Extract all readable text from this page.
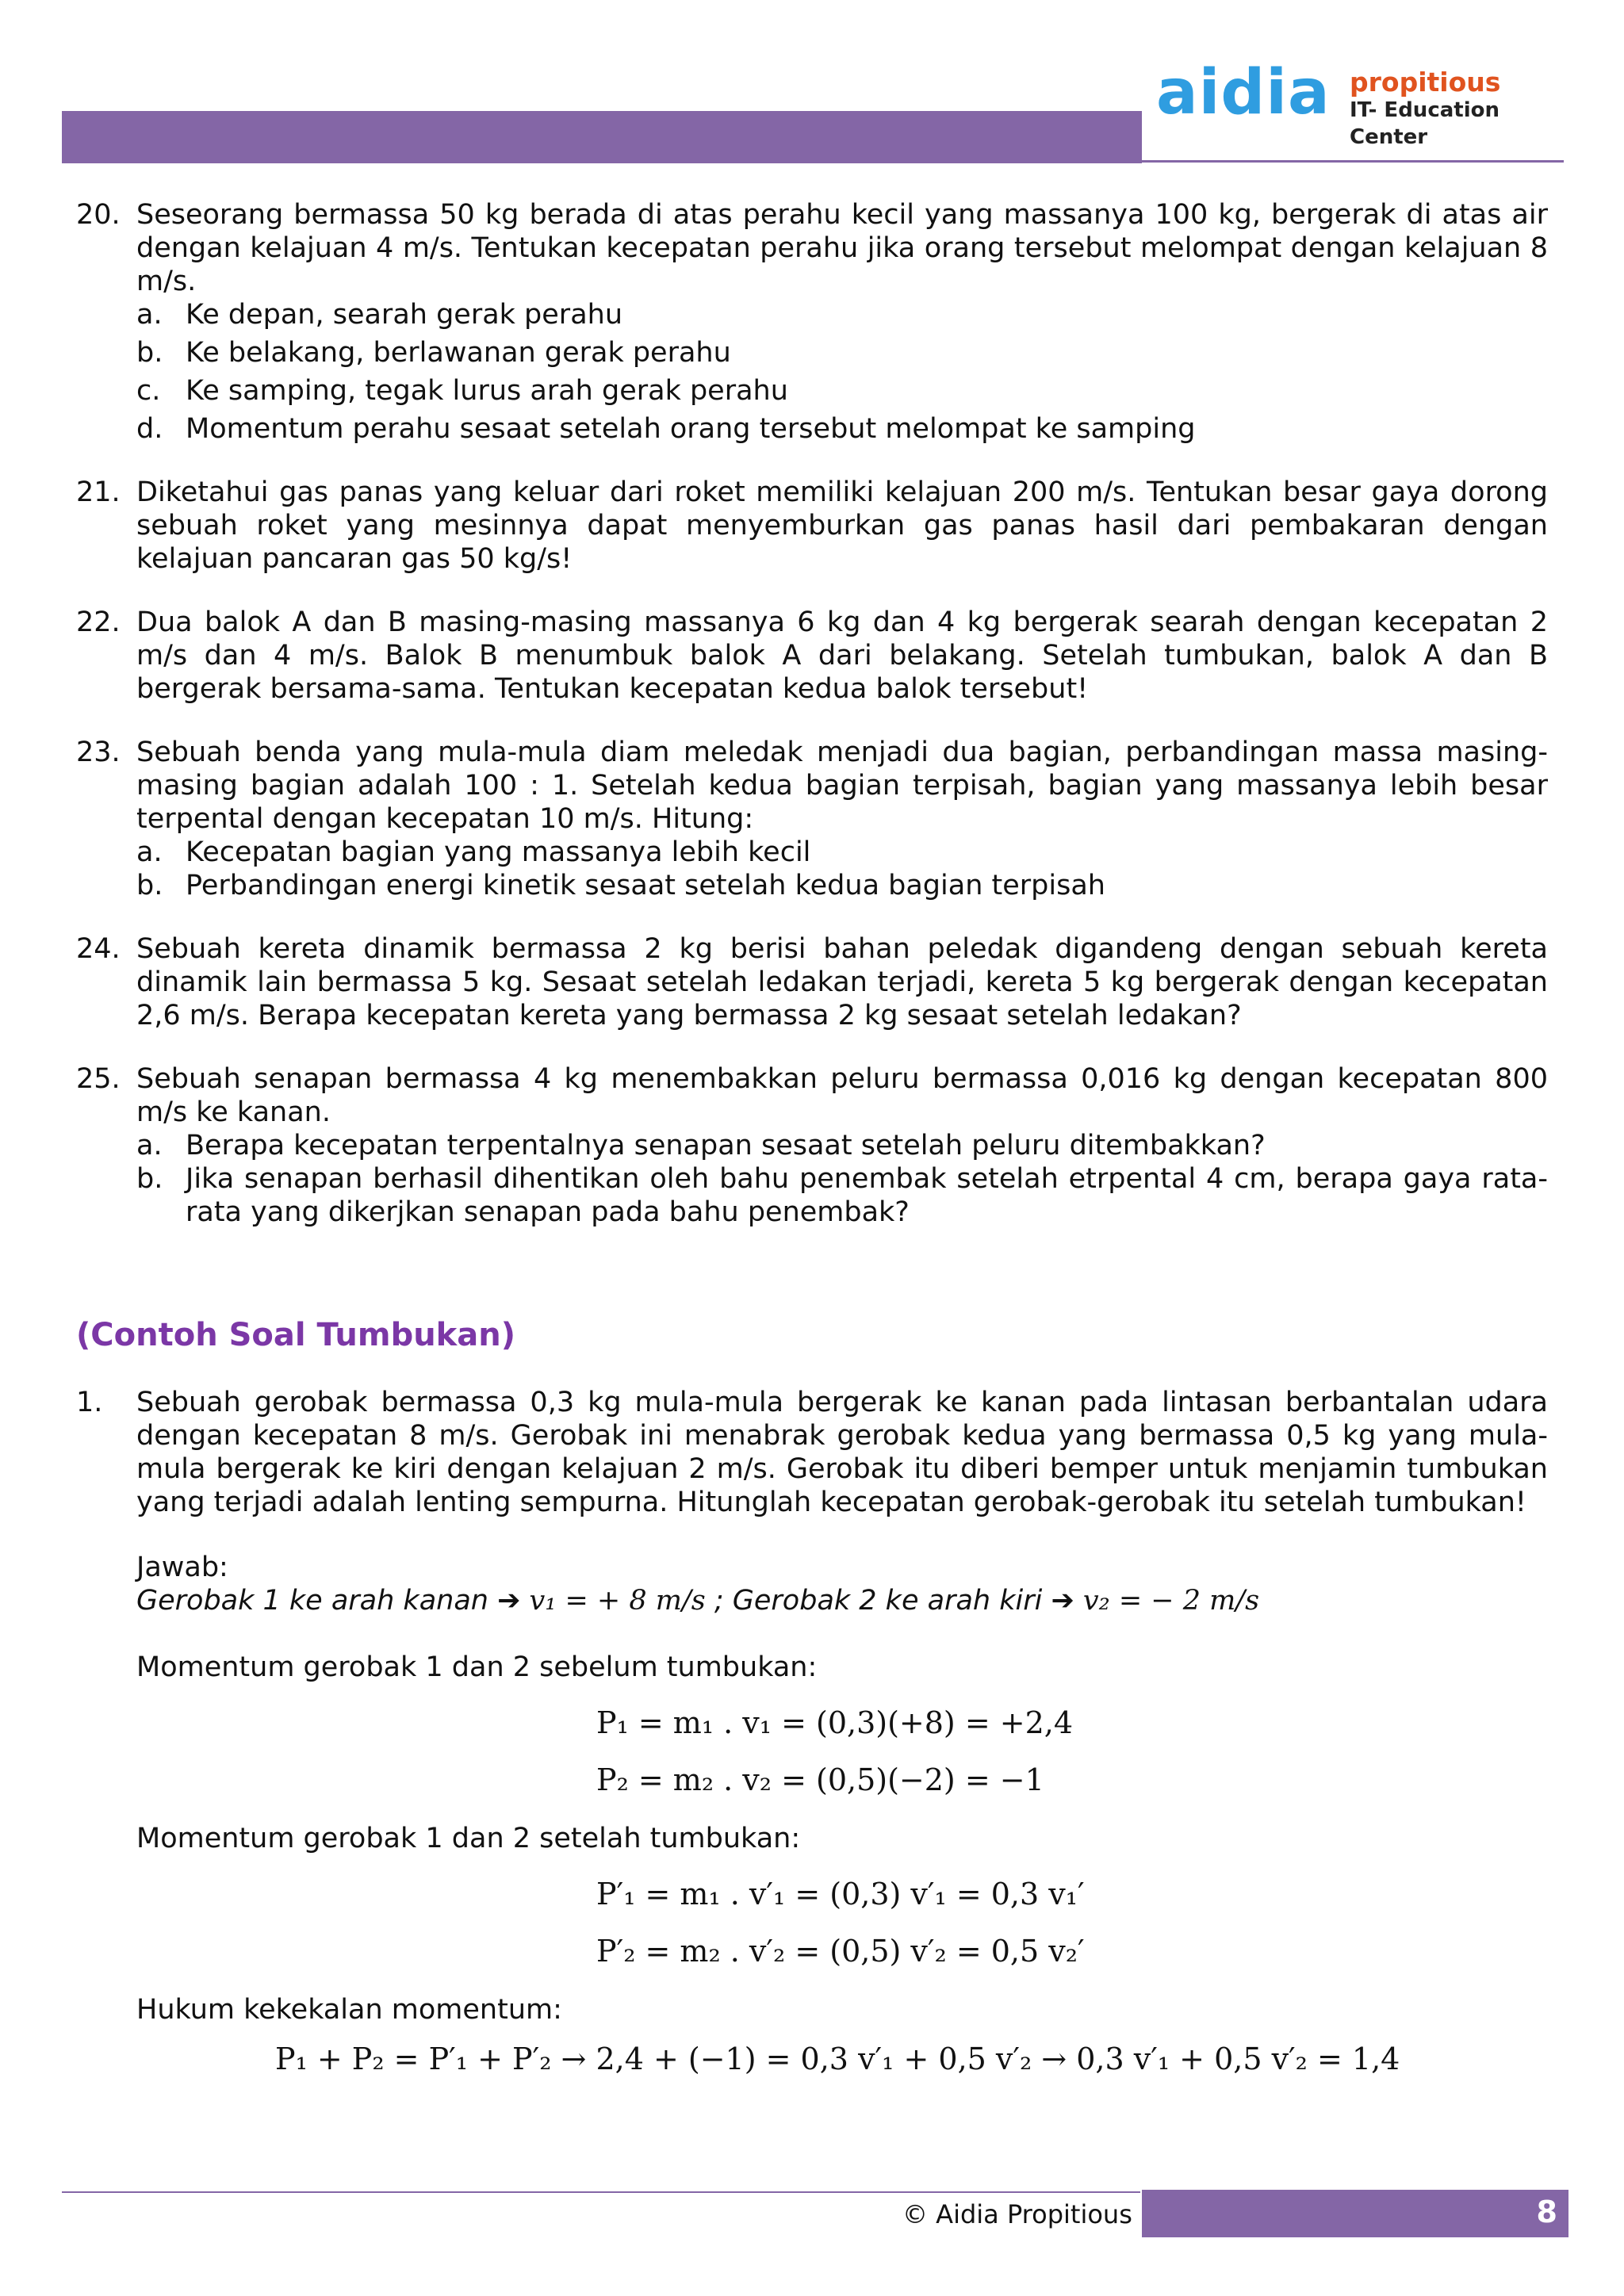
aidia propitious
IT- Education Center
20. Seseorang bermassa 50 kg berada di atas perahu kecil yang massanya 100 kg, bergerak di atas air dengan kelajuan 4 m/s. Tentukan kecepatan perahu jika orang tersebut melompat dengan kelajuan 8 m/s.

a. Ke depan, searah gerak perahu
b. Ke belakang, berlawanan gerak perahu
c. Ke samping, tegak lurus arah gerak perahu
d. Momentum perahu sesaat setelah orang tersebut melompat ke samping
21. Diketahui gas panas yang keluar dari roket memiliki kelajuan 200 m/s. Tentukan besar gaya dorong sebuah roket yang mesinnya dapat menyemburkan gas panas hasil dari pembakaran dengan kelajuan pancaran gas 50 kg/s!

22. Dua balok A dan B masing-masing massanya 6 kg dan 4 kg bergerak searah dengan kecepatan 2 m/s dan 4 m/s. Balok B menumbuk balok A dari belakang. Setelah tumbukan, balok A dan B bergerak bersama-sama. Tentukan kecepatan kedua balok tersebut!

23. Sebuah benda yang mula-mula diam meledak menjadi dua bagian, perbandingan massa masing-masing bagian adalah 100 : 1. Setelah kedua bagian terpisah, bagian yang massanya lebih besar terpental dengan kecepatan 10 m/s. Hitung:

a. Kecepatan bagian yang massanya lebih kecil
b. Perbandingan energi kinetik sesaat setelah kedua bagian terpisah
24. Sebuah kereta dinamik bermassa 2 kg berisi bahan peledak digandeng dengan sebuah kereta dinamik lain bermassa 5 kg. Sesaat setelah ledakan terjadi, kereta 5 kg bergerak dengan kecepatan 2,6 m/s. Berapa kecepatan kereta yang bermassa 2 kg sesaat setelah ledakan?

25. Sebuah senapan bermassa 4 kg menembakkan peluru bermassa 0,016 kg dengan kecepatan 800 m/s ke kanan.

a. Berapa kecepatan terpentalnya senapan sesaat setelah peluru ditembakkan?
b. Jika senapan berhasil dihentikan oleh bahu penembak setelah etrpental 4 cm, berapa gaya rata-rata yang dikerjkan senapan pada bahu penembak?
(Contoh Soal Tumbukan)
1. Sebuah gerobak bermassa 0,3 kg mula-mula bergerak ke kanan pada lintasan berbantalan udara dengan kecepatan 8 m/s. Gerobak ini menabrak gerobak kedua yang bermassa 0,5 kg yang mula-mula bergerak ke kiri dengan kelajuan 2 m/s. Gerobak itu diberi bemper untuk menjamin tumbukan yang terjadi adalah lenting sempurna. Hitunglah kecepatan gerobak-gerobak itu setelah tumbukan!

Jawab:
Gerobak 1 ke arah kanan ➔ v₁ = + 8 m/s ; Gerobak 2 ke arah kiri ➔ v₂ = − 2 m/s
Momentum gerobak 1 dan 2 sebelum tumbukan:
P₁ = m₁ . v₁ = (0,3)(+8) = +2,4
P₂ = m₂ . v₂ = (0,5)(−2) = −1
Momentum gerobak 1 dan 2 setelah tumbukan:
P′₁ = m₁ . v′₁ = (0,3) v′₁ = 0,3 v₁′
P′₂ = m₂ . v′₂ = (0,5) v′₂ = 0,5 v₂′
Hukum kekekalan momentum:
P₁ + P₂ = P′₁ + P′₂ → 2,4 + (−1) = 0,3 v′₁ + 0,5 v′₂ → 0,3 v′₁ + 0,5 v′₂ = 1,4
© Aidia Propitious	8
